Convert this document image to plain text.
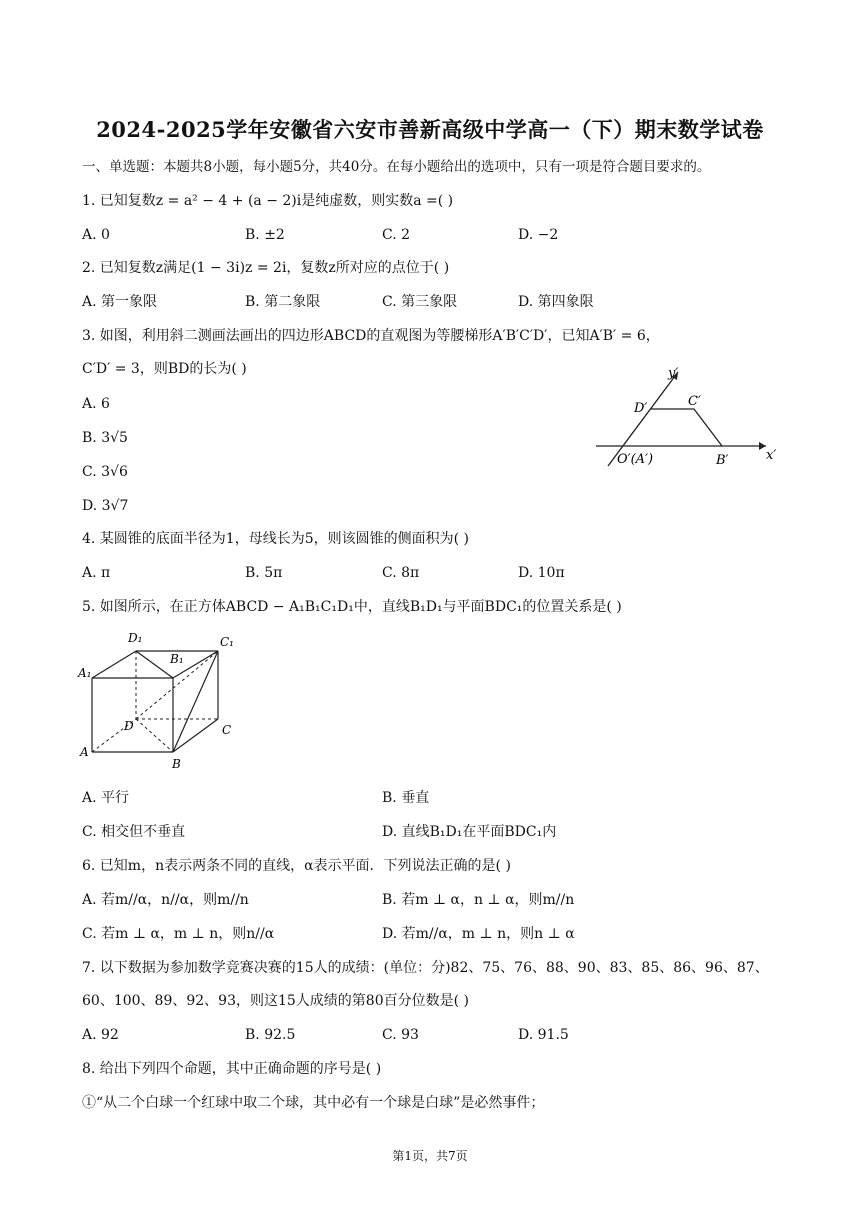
2024-2025学年安徽省六安市善新高级中学高一（下）期末数学试卷
一、单选题：本题共8小题，每小题5分，共40分。在每小题给出的选项中，只有一项是符合题目要求的。
1. 已知复数z = a² − 4 + (a − 2)i是纯虚数，则实数a =( )
A. 0	B. ±2	C. 2	D. −2
2. 已知复数z满足(1 − 3i)z = 2i，复数z所对应的点位于( )
A. 第一象限	B. 第二象限	C. 第三象限	D. 第四象限
3. 如图，利用斜二测画法画出的四边形ABCD的直观图为等腰梯形A′B′C′D′，已知A′B′ = 6，
C′D′ = 3，则BD的长为( )
A. 6
B. 3√5
C. 3√6
D. 3√7
y′
x′
D′	C′
O′(A′)	B′
4. 某圆锥的底面半径为1，母线长为5，则该圆锥的侧面积为( )
A. π	B. 5π	C. 8π	D. 10π
5. 如图所示，在正方体ABCD − A₁B₁C₁D₁中，直线B₁D₁与平面BDC₁的位置关系是( )
A₁
D₁
B₁
C₁
D	C
A
B
A. 平行	B. 垂直
C. 相交但不垂直	D. 直线B₁D₁在平面BDC₁内
6. 已知m，n表示两条不同的直线，α表示平面．下列说法正确的是( )
A. 若m//α，n//α，则m//n	B. 若m ⊥ α，n ⊥ α，则m//n
C. 若m ⊥ α，m ⊥ n，则n//α	D. 若m//α，m ⊥ n，则n ⊥ α
7. 以下数据为参加数学竞赛决赛的15人的成绩：(单位：分)82、75、76、88、90、83、85、86、96、87、
60、100、89、92、93，则这15人成绩的第80百分位数是( )
A. 92	B. 92.5	C. 93	D. 91.5
8. 给出下列四个命题，其中正确命题的序号是( )
①“从二个白球一个红球中取二个球，其中必有一个球是白球”是必然事件；
第1页，共7页
